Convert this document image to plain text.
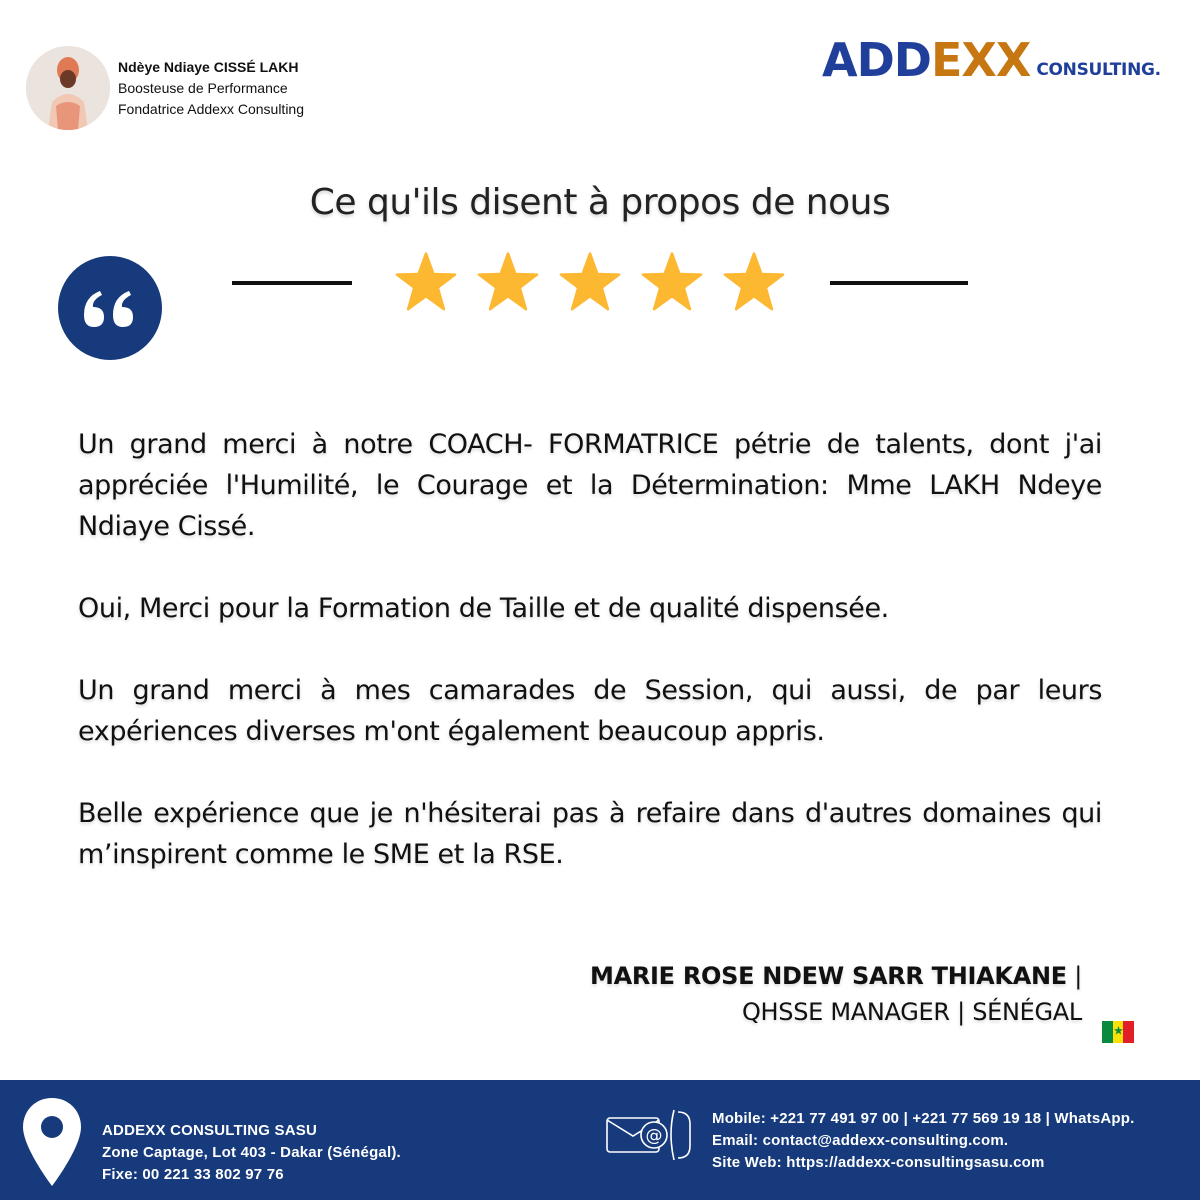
Ndèye Ndiaye CISSÉ LAKH
Boosteuse de Performance
Fondatrice Addexx Consulting
ADDEXX CONSULTING.
Ce qu'ils disent à propos de nous

Un grand merci à notre COACH- FORMATRICE pétrie de talents, dont j'ai appréciée l'Humilité, le Courage et la Détermination: Mme LAKH Ndeye Ndiaye Cissé.

Oui, Merci pour la Formation de Taille et de qualité dispensée.

Un grand merci à mes camarades de Session, qui aussi, de par leurs expériences diverses m'ont également beaucoup appris.

Belle expérience que je n'hésiterai pas à refaire dans d'autres domaines qui m’inspirent comme le SME et la RSE.

MARIE ROSE NDEW SARR THIAKANE |
QHSSE MANAGER | SÉNÉGAL
ADDEXX CONSULTING SASU
Zone Captage, Lot 403 - Dakar (Sénégal).
Fixe: 00 221 33 802 97 76
@
Mobile: +221 77 491 97 00 | +221 77 569 19 18 | WhatsApp.
Email: contact@addexx-consulting.com.
Site Web: https://addexx-consultingsasu.com
